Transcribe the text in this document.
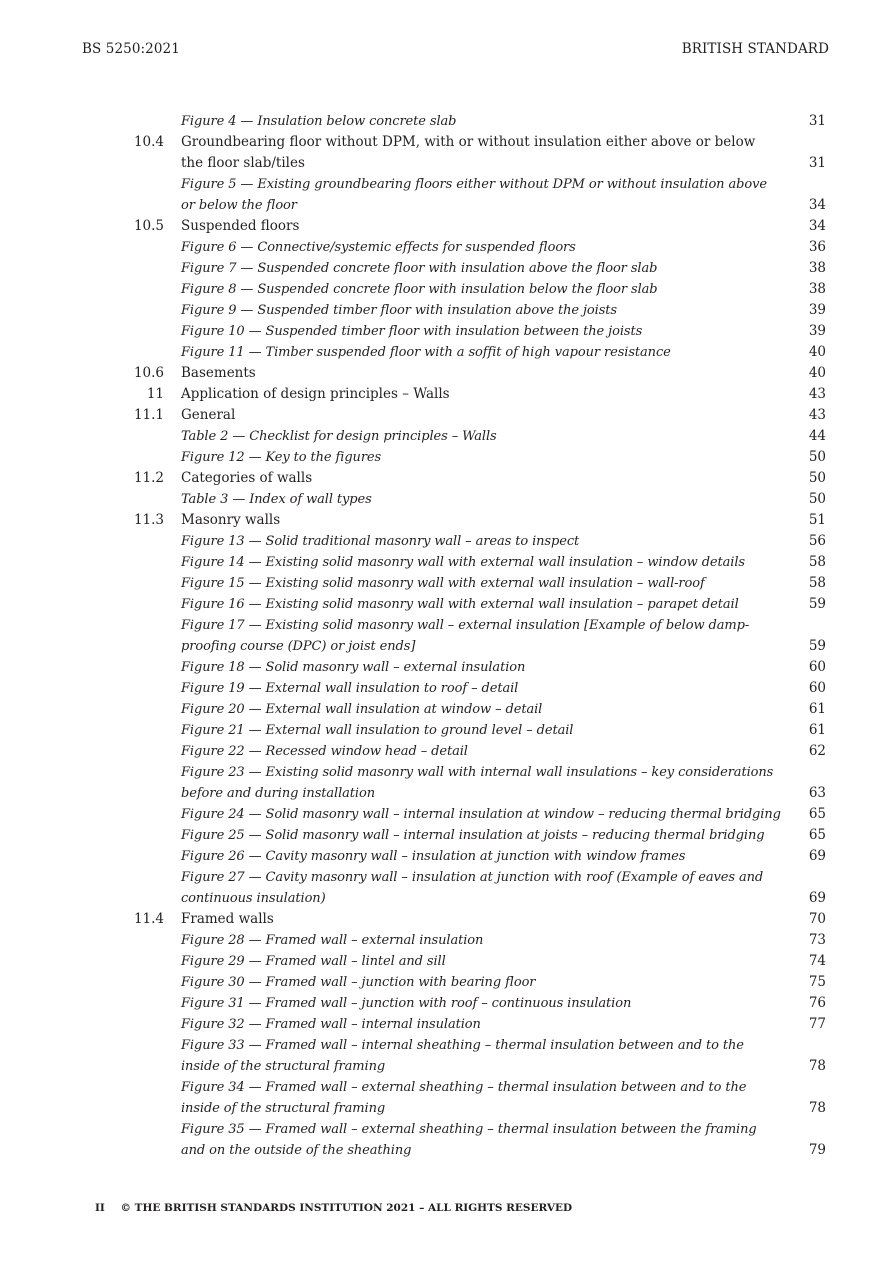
BS 5250:2021	BRITISH STANDARD
Figure 4 — Insulation below concrete slab	31
10.4 Groundbearing floor without DPM, with or without insulation either above or below the floor slab/tiles	31
Figure 5 — Existing groundbearing floors either without DPM or without insulation above or below the floor	34
10.5 Suspended floors	34
Figure 6 — Connective/systemic effects for suspended floors	36
Figure 7 — Suspended concrete floor with insulation above the floor slab	38
Figure 8 — Suspended concrete floor with insulation below the floor slab	38
Figure 9 — Suspended timber floor with insulation above the joists	39
Figure 10 — Suspended timber floor with insulation between the joists	39
Figure 11 — Timber suspended floor with a soffit of high vapour resistance	40
10.6 Basements	40
11 Application of design principles – Walls	43
11.1 General	43
Table 2 — Checklist for design principles – Walls	44
Figure 12 — Key to the figures	50
11.2 Categories of walls	50
Table 3 — Index of wall types	50
11.3 Masonry walls	51
Figure 13 — Solid traditional masonry wall – areas to inspect	56
Figure 14 — Existing solid masonry wall with external wall insulation – window details	58
Figure 15 — Existing solid masonry wall with external wall insulation – wall-roof	58
Figure 16 — Existing solid masonry wall with external wall insulation – parapet detail	59
Figure 17 — Existing solid masonry wall – external insulation [Example of below damp-proofing course (DPC) or joist ends]	59
Figure 18 — Solid masonry wall – external insulation	60
Figure 19 — External wall insulation to roof – detail	60
Figure 20 — External wall insulation at window – detail	61
Figure 21 — External wall insulation to ground level – detail	61
Figure 22 — Recessed window head – detail	62
Figure 23 — Existing solid masonry wall with internal wall insulations – key considerations before and during installation	63
Figure 24 — Solid masonry wall – internal insulation at window – reducing thermal bridging 65
Figure 25 — Solid masonry wall – internal insulation at joists – reducing thermal bridging	65
Figure 26 — Cavity masonry wall – insulation at junction with window frames	69
Figure 27 — Cavity masonry wall – insulation at junction with roof (Example of eaves and continuous insulation)	69
11.4 Framed walls	70
Figure 28 — Framed wall – external insulation	73
Figure 29 — Framed wall – lintel and sill	74
Figure 30 — Framed wall – junction with bearing floor	75
Figure 31 — Framed wall – junction with roof – continuous insulation	76
Figure 32 — Framed wall – internal insulation	77
Figure 33 — Framed wall – internal sheathing – thermal insulation between and to the inside of the structural framing	78
Figure 34 — Framed wall – external sheathing – thermal insulation between and to the inside of the structural framing	78
Figure 35 — Framed wall – external sheathing – thermal insulation between the framing and on the outside of the sheathing	79
II © THE BRITISH STANDARDS INSTITUTION 2021 – ALL RIGHTS RESERVED
